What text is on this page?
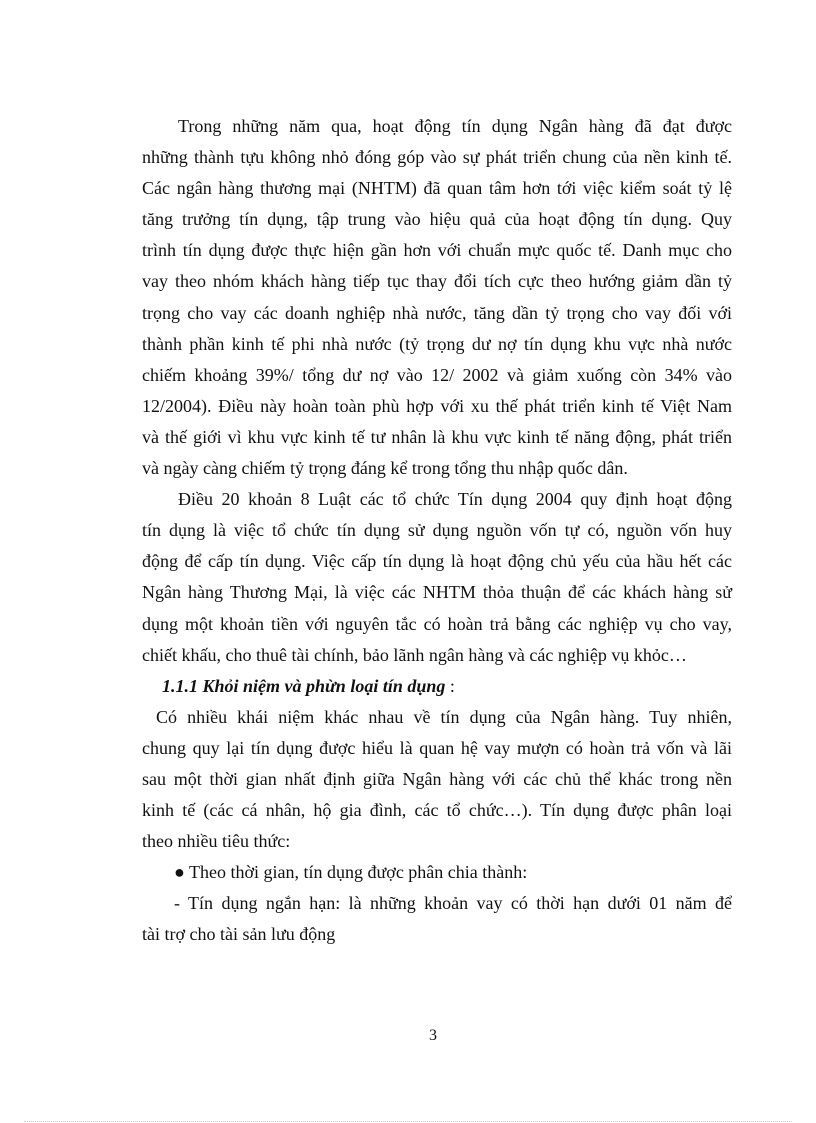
Trong những năm qua, hoạt động tín dụng Ngân hàng đã đạt được
những thành tựu không nhỏ đóng góp vào sự phát triển chung của nền kinh tế.
Các ngân hàng thương mại (NHTM) đã quan tâm hơn tới việc kiểm soát tỷ lệ
tăng trưởng tín dụng, tập trung vào hiệu quả của hoạt động tín dụng. Quy
trình tín dụng được thực hiện gần hơn với chuẩn mực quốc tế. Danh mục cho
vay theo nhóm khách hàng tiếp tục thay đổi tích cực theo hướng giảm dần tỷ
trọng cho vay các doanh nghiệp nhà nước, tăng dần tỷ trọng cho vay đối với
thành phần kinh tế phi nhà nước (tỷ trọng dư nợ tín dụng khu vực nhà nước
chiếm khoảng 39%/ tổng dư nợ vào 12/ 2002 và giảm xuống còn 34% vào
12/2004). Điều này hoàn toàn phù hợp với xu thế phát triển kinh tế Việt Nam
và thế giới vì khu vực kinh tế tư nhân là khu vực kinh tế năng động, phát triển
và ngày càng chiếm tỷ trọng đáng kể trong tổng thu nhập quốc dân.
Điều 20 khoản 8 Luật các tổ chức Tín dụng 2004 quy định hoạt động
tín dụng là việc tổ chức tín dụng sử dụng nguồn vốn tự có, nguồn vốn huy
động để cấp tín dụng. Việc cấp tín dụng là hoạt động chủ yếu của hầu hết các
Ngân hàng Thương Mại, là việc các NHTM thỏa thuận để các khách hàng sử
dụng một khoản tiền với nguyên tắc có hoàn trả bằng các nghiệp vụ cho vay,
chiết khấu, cho thuê tài chính, bảo lãnh ngân hàng và các nghiệp vụ khỏc…
1.1.1 Khỏi niệm và phừn loại tín dụng :
Có nhiều khái niệm khác nhau về tín dụng của Ngân hàng. Tuy nhiên,
chung quy lại tín dụng được hiểu là quan hệ vay mượn có hoàn trả vốn và lãi
sau một thời gian nhất định giữa Ngân hàng với các chủ thể khác trong nền
kinh tế (các cá nhân, hộ gia đình, các tổ chức…). Tín dụng được phân loại
theo nhiều tiêu thức:
● Theo thời gian, tín dụng được phân chia thành:
- Tín dụng ngắn hạn: là những khoản vay có thời hạn dưới 01 năm để
tài trợ cho tài sản lưu động
3
